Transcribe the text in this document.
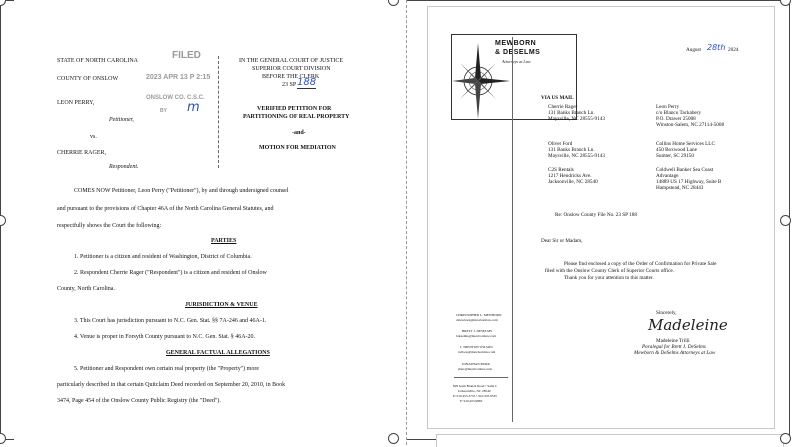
STATE OF NORTH CAROLINA
COUNTY OF ONSLOW
FILED
2023 APR 13 P 2:15
ONSLOW CO. C.S.C.
BY m
IN THE GENERAL COURT OF JUSTICE
SUPERIOR COURT DIVISION
BEFORE THE CLERK
23 SP 188
LEON PERRY,
Petitioner,
vs.
CHERRIE RAGER,
Respondent.
VERIFIED PETITION FOR
PARTITIONING OF REAL PROPERTY
-and-
MOTION FOR MEDIATION
COMES NOW Petitioner, Leon Perry ("Petitioner"), by and through undersigned counsel
and pursuant to the provisions of Chapter 46A of the North Carolina General Statutes, and
respectfully shows the Court the following:
PARTIES
1. Petitioner is a citizen and resident of Washington, District of Columbia.
2. Respondent Cherrie Rager ("Respondent") is a citizen and resident of Onslow
County, North Carolina.
JURISDICTION & VENUE
3. This Court has jurisdiction pursuant to N.C. Gen. Stat. §§ 7A-246 and 46A-1.
4. Venue is proper in Forsyth County pursuant to N.C. Gen. Stat. § 46A-20.
GENERAL FACTUAL ALLEGATIONS
5. Petitioner and Respondent own certain real property (the "Property") more
particularly described in that certain Quitclaim Deed recorded on September 20, 2010, in Book
3474, Page 454 of the Onslow County Public Registry (the "Deed").
MEWBORN
& DESELMS
Attorneys at Law
August 28th 2024
CHRISTOPHER L. MEWBORN
cmewborn@mewbornlaw.com
BRETT J. DESELMS
bdeselms@mewbornlaw.com
J. TRENTON WILSON
twilson@mewbornlaw.com
JONATHAN BURR
jburr@mewbornlaw.com
829 Gum Branch Road • Suite C
Jacksonville, NC 28540
P: 910.455.3735 • 910.455.9535
F: 910.455.9865
VIA US MAIL
Cherrie Rager
131 Banks Branch Ln.
Maysville, NC 28555-9143
Leon Perry
c/o Blanco Tackabery
P.O. Drawer 25008
Winston-Salem, NC 27114-5008
Oliver Ford
131 Banks Branch Ln.
Maysville, NC 28555-9143
Collins Home Services LLC
450 Boxwood Lane
Sumter, SC 29150
C2S Rentals
1217 Hendricks Ave.
Jacksonville, NC 28540
Coldwell Banker Sea Coast
Advantage
14889 US 17 Highway, Suite B
Hampstead, NC 28443
Re: Onslow County File No. 23 SP 188
Dear Sir or Madam,
Please find enclosed a copy of the Order of Confirmation for Private Sale
filed with the Onslow County Clerk of Superior Courts office.
Thank you for your attention to this matter.
Sincerely,
Madeleine
Madeleine Trilli
Paralegal for Brett J. DeSelms
Mewborn & DeSelms Attorneys at Law
